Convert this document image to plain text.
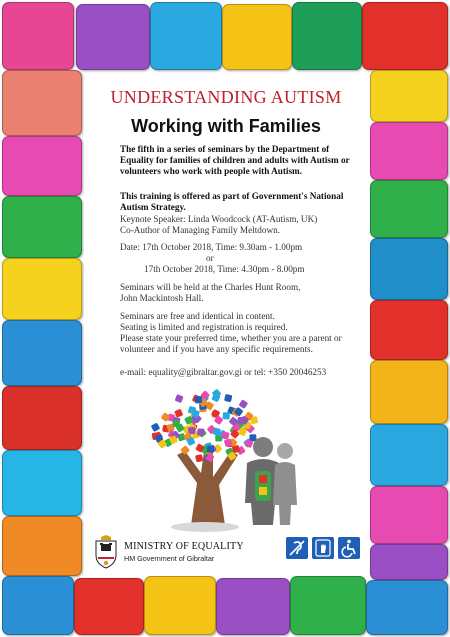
UNDERSTANDING AUTISM
Working with Families
The fifth in a series of seminars by the Department of Equality for families of children and adults with Autism or volunteers who work with people with Autism.
This training is offered as part of Government's National Autism Strategy.
Keynote Speaker: Linda Woodcock (AT-Autism, UK)
Co-Author of Managing Family Meltdown.
Date: 17th October 2018, Time: 9.30am - 1.00pm
or
17th October 2018, Time: 4.30pm - 8.00pm
Seminars will be held at the Charles Hunt Room,
John Mackintosh Hall.
Seminars are free and identical in content.
Seating is limited and registration is required.
Please state your preferred time, whether you are a parent or volunteer and if you have any specific requirements.
e-mail: equality@gibraltar.gov.gi or tel: +350 20046253
MINISTRY OF EQUALITY
HM Government of Gibraltar
